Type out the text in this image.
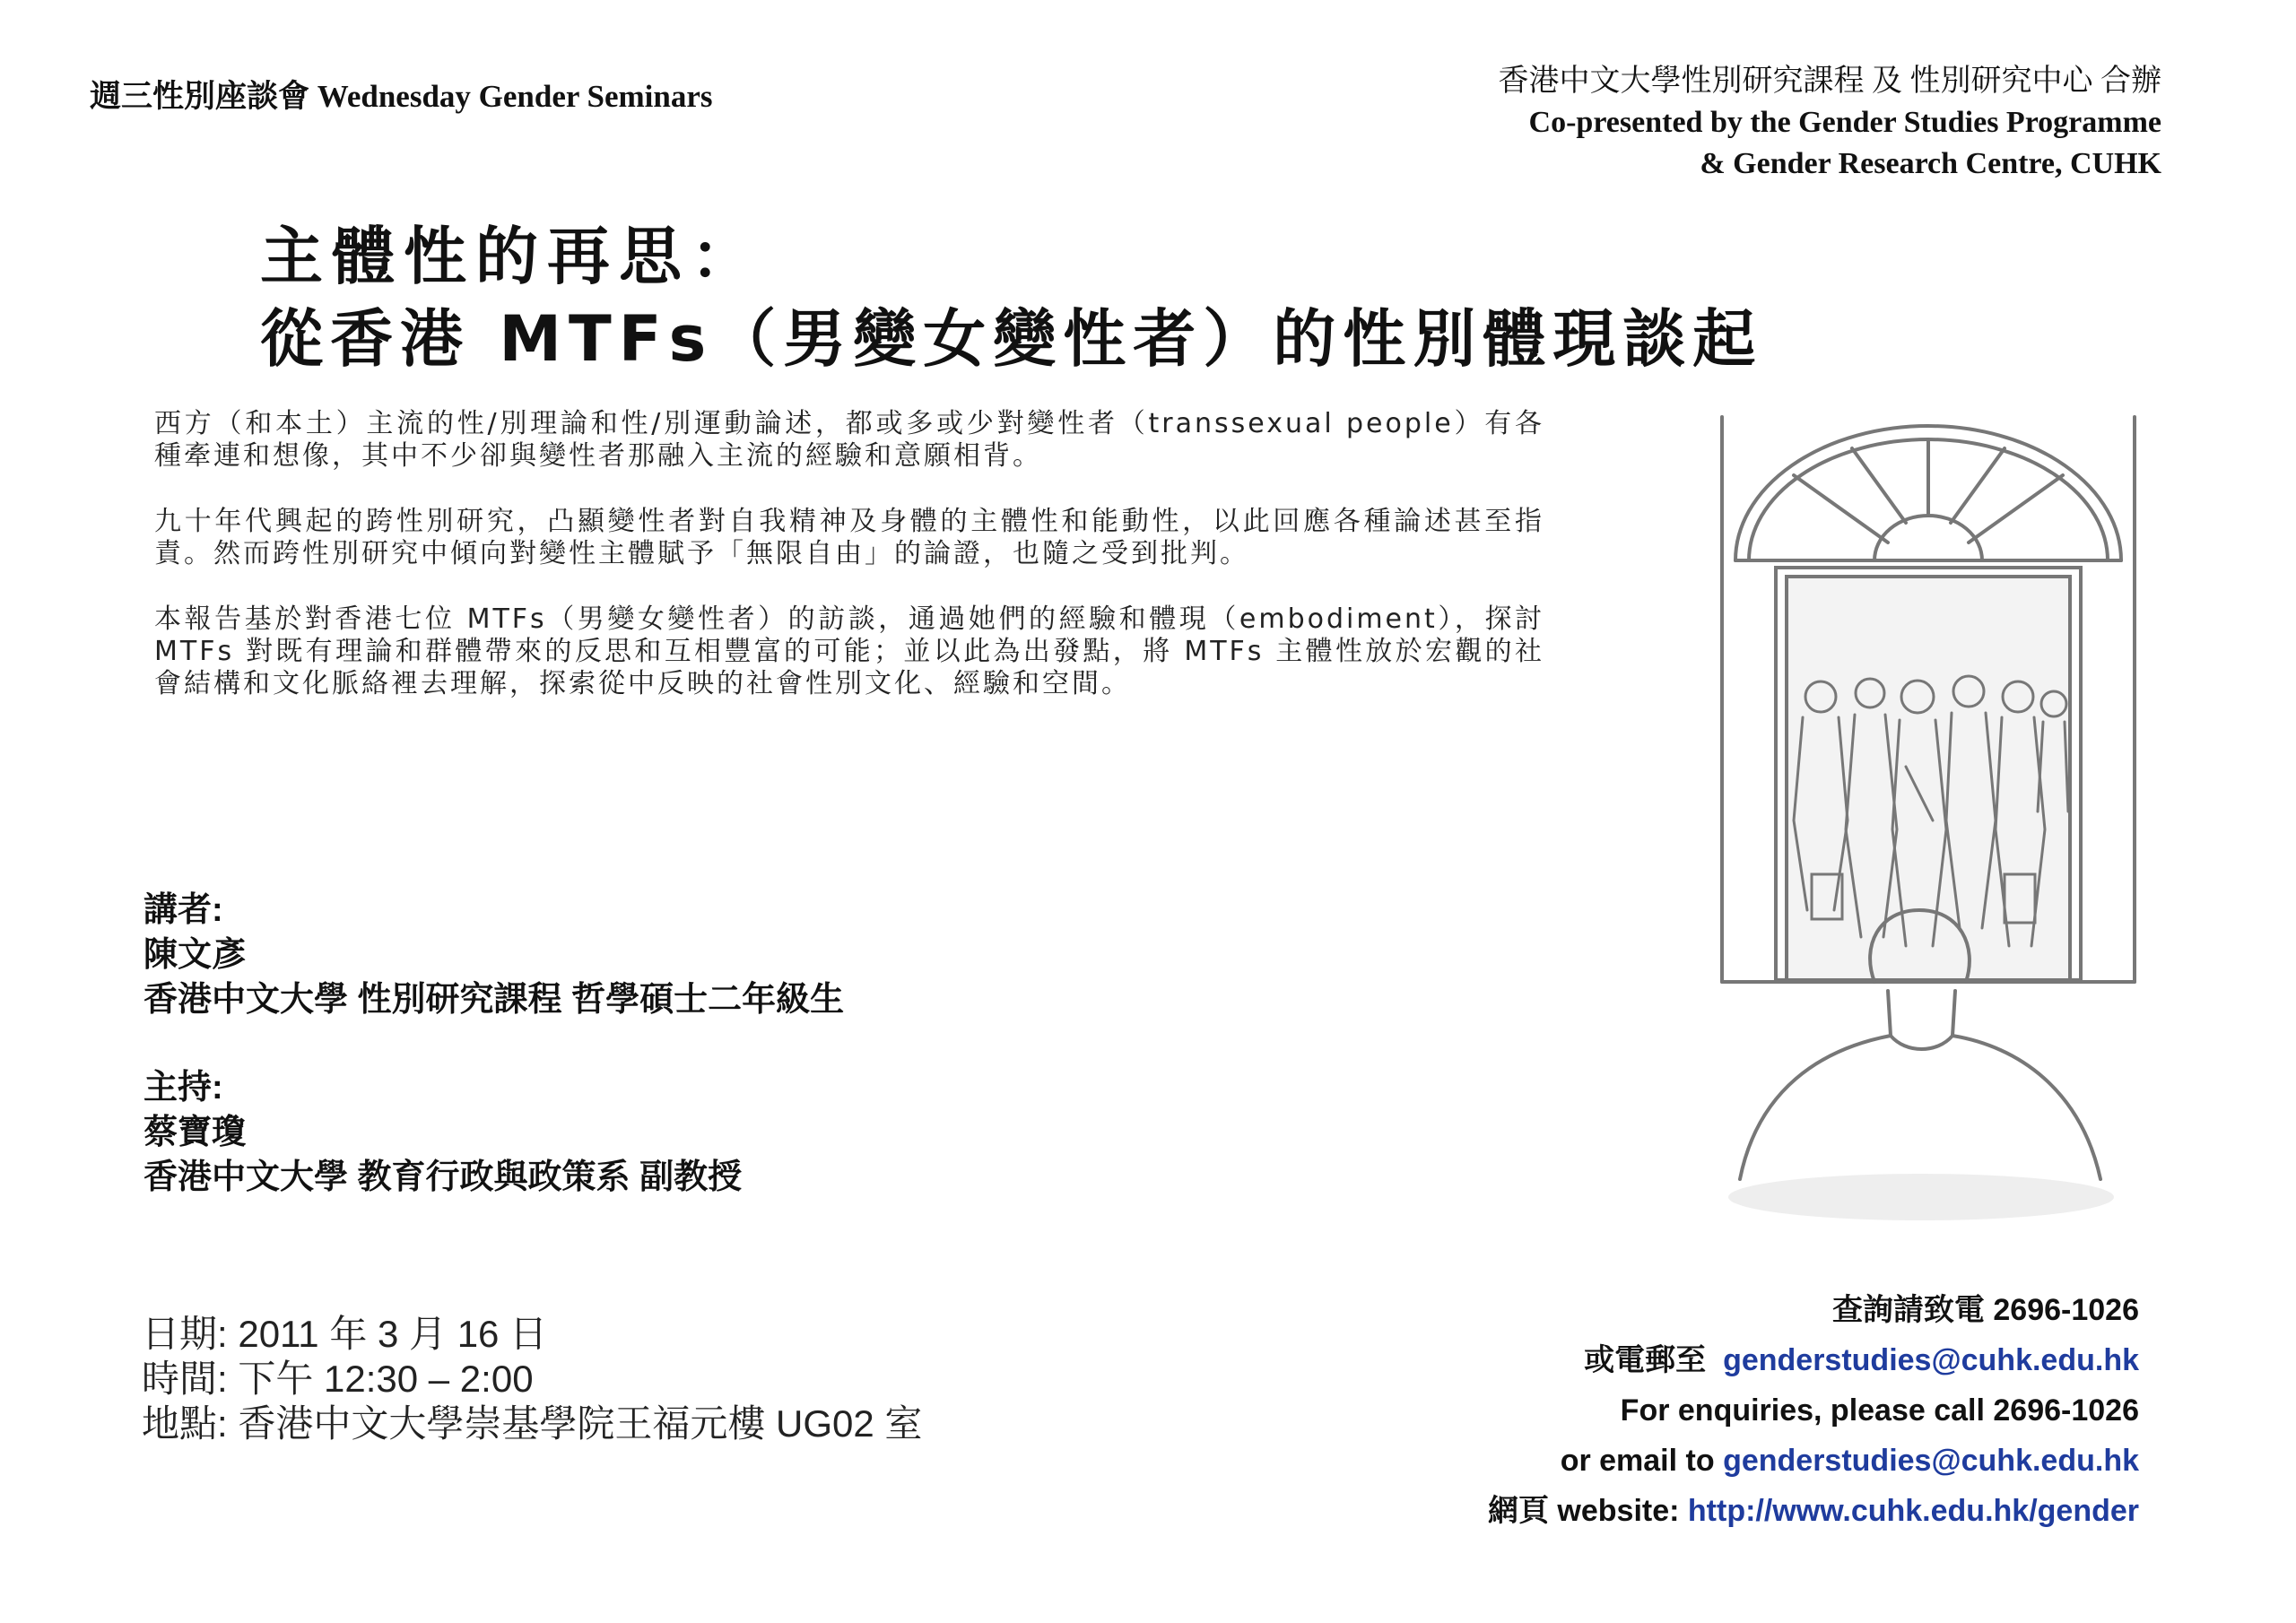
週三性別座談會 Wednesday Gender Seminars	香港中文大學性別研究課程 及 性別研究中心 合辦
Co-presented by the Gender Studies Programme
& Gender Research Centre, CUHK
主體性的再思：
從香港 MTFs（男變女變性者）的性別體現談起

西方（和本土）主流的性/別理論和性/別運動論述，都或多或少對變性者（transsexual people）有各種牽連和想像，其中不少卻與變性者那融入主流的經驗和意願相背。

九十年代興起的跨性別研究，凸顯變性者對自我精神及身體的主體性和能動性，以此回應各種論述甚至指責。然而跨性別研究中傾向對變性主體賦予「無限自由」的論證，也隨之受到批判。

本報告基於對香港七位 MTFs（男變女變性者）的訪談，通過她們的經驗和體現（embodiment），探討 MTFs 對既有理論和群體帶來的反思和互相豐富的可能；並以此為出發點，將 MTFs 主體性放於宏觀的社會結構和文化脈絡裡去理解，探索從中反映的社會性別文化、經驗和空間。

講者:
陳文彥
香港中文大學 性別研究課程 哲學碩士二年級生
主持:
蔡寶瓊
香港中文大學 教育行政與政策系 副教授
日期: 2011 年 3 月 16 日
時間: 下午 12:30 – 2:00
地點: 香港中文大學崇基學院王福元樓 UG02 室
查詢請致電 2696-1026
或電郵至 genderstudies@cuhk.edu.hk
For enquiries, please call 2696-1026
or email to genderstudies@cuhk.edu.hk
網頁 website: http://www.cuhk.edu.hk/gender
